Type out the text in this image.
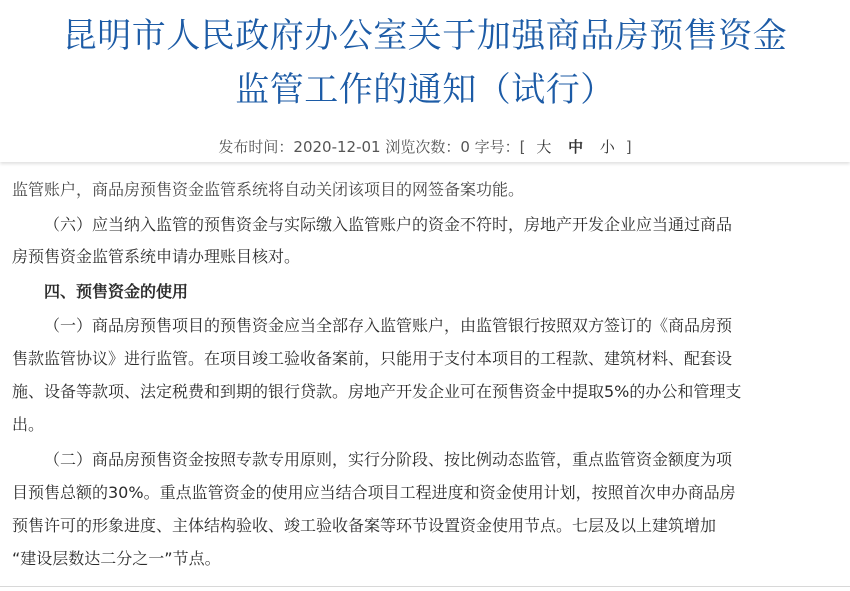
监管账户，商品房预售资金监管系统将自动关闭该项目的网签备案功能。
（六）应当纳入监管的预售资金与实际缴入监管账户的资金不符时，房地产开发企业应当通过商品
房预售资金监管系统申请办理账目核对。
四、预售资金的使用
（一）商品房预售项目的预售资金应当全部存入监管账户，由监管银行按照双方签订的《商品房预
售款监管协议》进行监管。在项目竣工验收备案前，只能用于支付本项目的工程款、建筑材料、配套设
施、设备等款项、法定税费和到期的银行贷款。房地产开发企业可在预售资金中提取5%的办公和管理支
出。
（二）商品房预售资金按照专款专用原则，实行分阶段、按比例动态监管，重点监管资金额度为项
目预售总额的30%。重点监管资金的使用应当结合项目工程进度和资金使用计划，按照首次申办商品房
预售许可的形象进度、主体结构验收、竣工验收备案等环节设置资金使用节点。七层及以上建筑增加
“建设层数达二分之一”节点。
昆明市人民政府办公室关于加强商品房预售资金
监管工作的通知（试行）
发布时间：2020-12-01 浏览次数：0 字号：[ 大 中 小 ]
